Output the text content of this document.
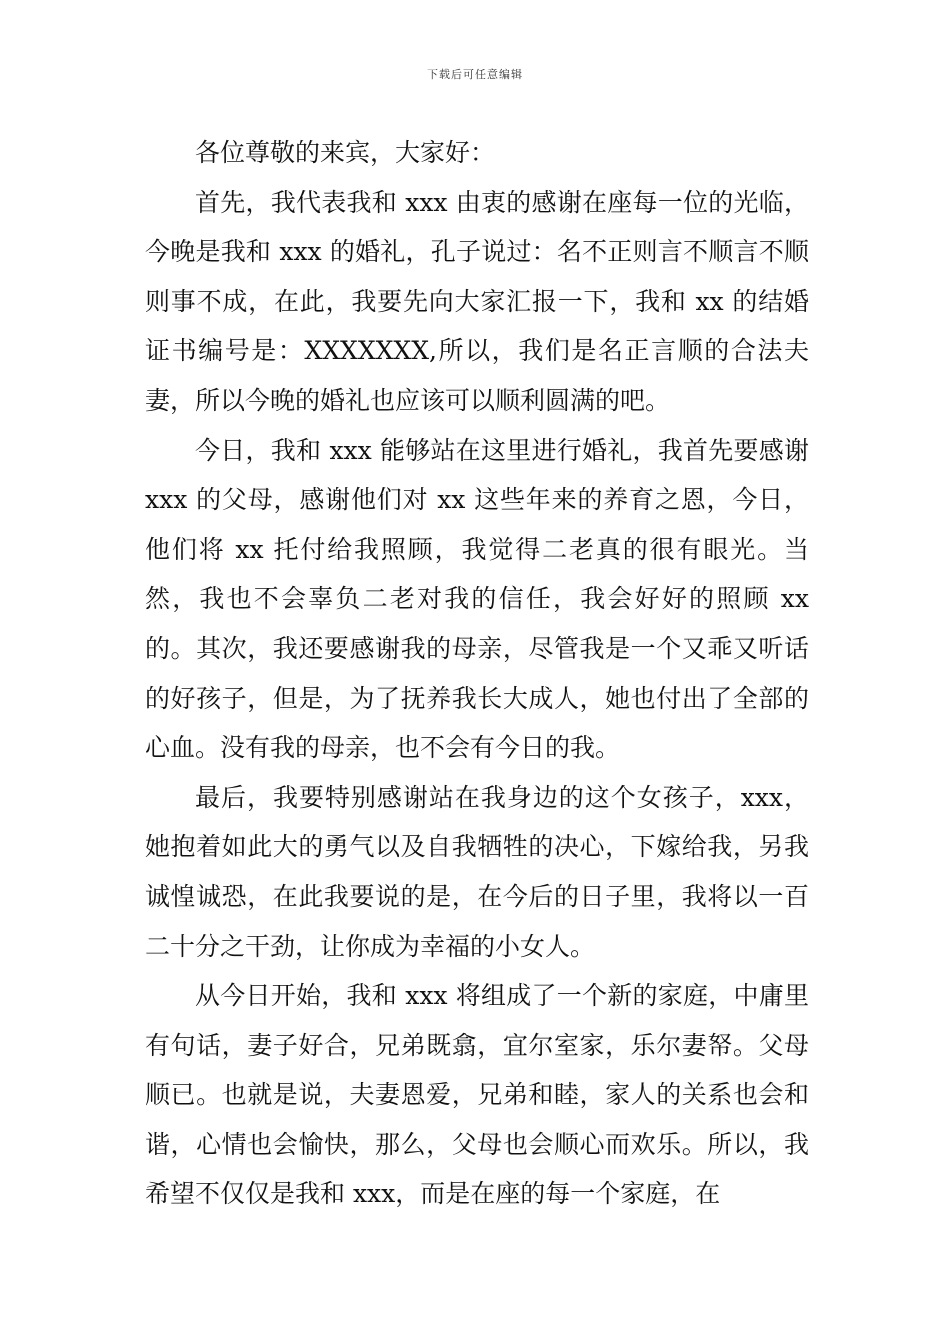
下载后可任意编辑

各位尊敬的来宾，大家好：

首先，我代表我和 xxx 由衷的感谢在座每一位的光临，今晚是我和 xxx 的婚礼，孔子说过：名不正则言不顺言不顺则事不成，在此，我要先向大家汇报一下，我和 xx 的结婚证书编号是：XXXXXXX,所以，我们是名正言顺的合法夫妻，所以今晚的婚礼也应该可以顺利圆满的吧。

今日，我和 xxx 能够站在这里进行婚礼，我首先要感谢 xxx 的父母，感谢他们对 xx 这些年来的养育之恩，今日，他们将 xx 托付给我照顾，我觉得二老真的很有眼光。当然，我也不会辜负二老对我的信任，我会好好的照顾 xx 的。其次，我还要感谢我的母亲，尽管我是一个又乖又听话的好孩子，但是，为了抚养我长大成人，她也付出了全部的心血。没有我的母亲，也不会有今日的我。

最后，我要特别感谢站在我身边的这个女孩子，xxx，她抱着如此大的勇气以及自我牺牲的决心，下嫁给我，另我诚惶诚恐，在此我要说的是，在今后的日子里，我将以一百二十分之干劲，让你成为幸福的小女人。

从今日开始，我和 xxx 将组成了一个新的家庭，中庸里有句话，妻子好合，兄弟既翕，宜尔室家，乐尔妻帑。父母顺已。也就是说，夫妻恩爱，兄弟和睦，家人的关系也会和谐，心情也会愉快，那么，父母也会顺心而欢乐。所以，我希望不仅仅是我和 xxx，而是在座的每一个家庭，在
